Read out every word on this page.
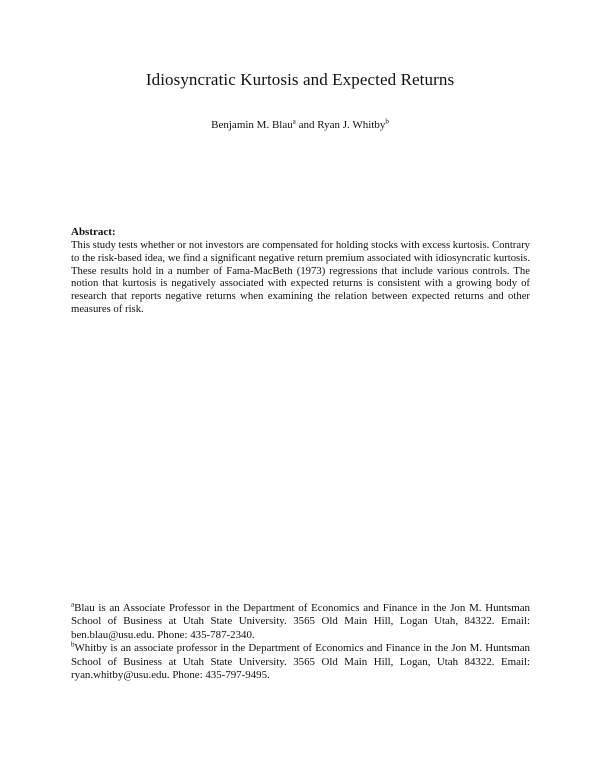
Idiosyncratic Kurtosis and Expected Returns
Benjamin M. Blau$^a$ and Ryan J. Whitby$^b$
Abstract:
This study tests whether or not investors are compensated for holding stocks with excess kurtosis. Contrary to the risk-based idea, we find a significant negative return premium associated with idiosyncratic kurtosis. These results hold in a number of Fama-MacBeth (1973) regressions that include various controls. The notion that kurtosis is negatively associated with expected returns is consistent with a growing body of research that reports negative returns when examining the relation between expected returns and other measures of risk.

$^a$Blau is an Associate Professor in the Department of Economics and Finance in the Jon M. Huntsman School of Business at Utah State University. 3565 Old Main Hill, Logan Utah, 84322. Email: ben.blau@usu.edu. Phone: 435-787-2340.

$^b$Whitby is an associate professor in the Department of Economics and Finance in the Jon M. Huntsman School of Business at Utah State University. 3565 Old Main Hill, Logan, Utah 84322. Email: ryan.whitby@usu.edu. Phone: 435-797-9495.
